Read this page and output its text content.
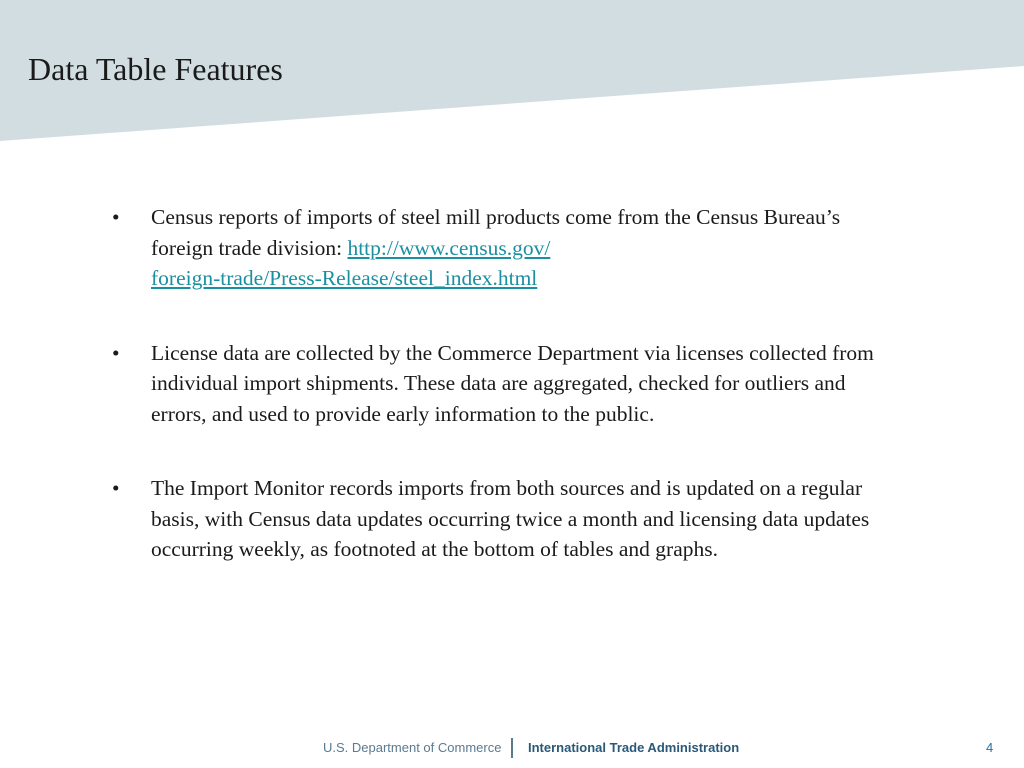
Data Table Features
• Census reports of imports of steel mill products come from the Census Bureau’s foreign trade division: http://www.census.gov/
foreign-trade/Press-Release/steel_index.html
• License data are collected by the Commerce Department via licenses collected from individual import shipments. These data are aggregated, checked for outliers and errors, and used to provide early information to the public.
• The Import Monitor records imports from both sources and is updated on a regular basis, with Census data updates occurring twice a month and licensing data updates occurring weekly, as footnoted at the bottom of tables and graphs.
U.S. Department of Commerce International Trade Administration	4
